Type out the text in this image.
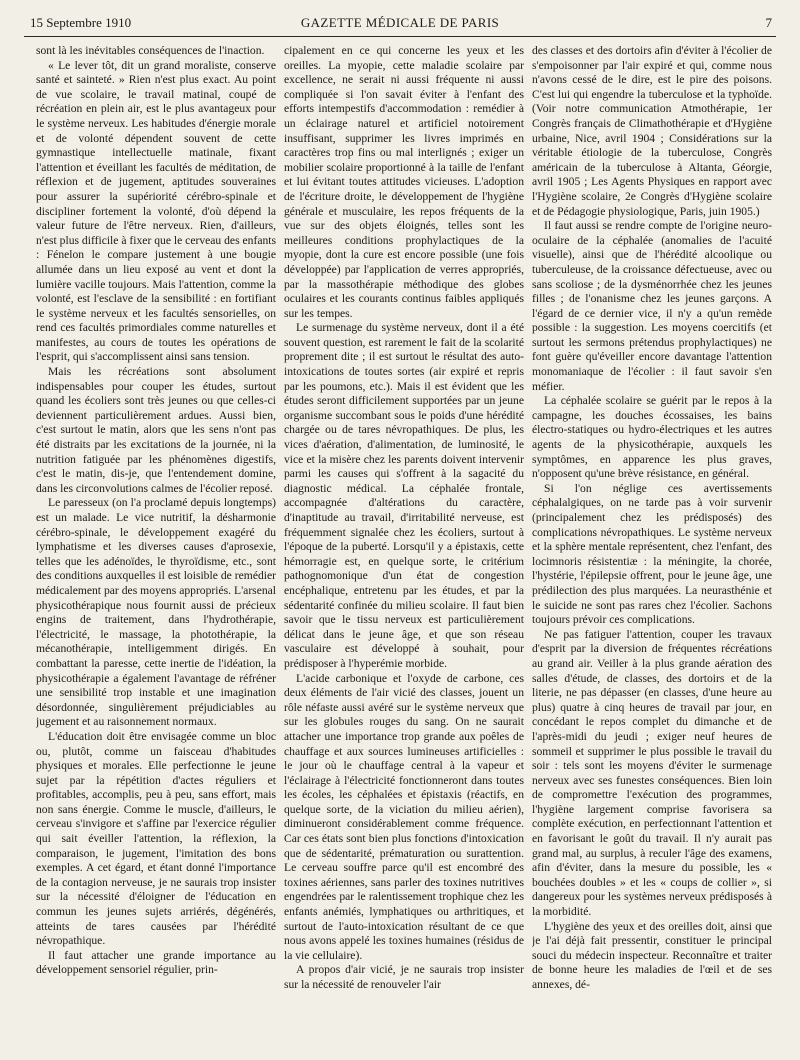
15 Septembre 1910	GAZETTE MÉDICALE DE PARIS	7

sont là les inévitables conséquences de l'inaction.

« Le lever tôt, dit un grand moraliste, conserve santé et sainteté. » Rien n'est plus exact. Au point de vue scolaire, le travail matinal, coupé de récréation en plein air, est le plus avantageux pour le système nerveux. Les habitudes d'énergie morale et de volonté dépendent souvent de cette gymnastique intellectuelle matinale, fixant l'attention et éveillant les facultés de méditation, de réflexion et de jugement, aptitudes souveraines pour assurer la supériorité cérébro-spinale et discipliner fortement la volonté, d'où dépend la valeur future de l'être nerveux. Rien, d'ailleurs, n'est plus difficile à fixer que le cerveau des enfants : Fénelon le compare justement à une bougie allumée dans un lieu exposé au vent et dont la lumière vacille toujours. Mais l'attention, comme la volonté, est l'esclave de la sensibilité : en fortifiant le système nerveux et les facultés sensorielles, on rend ces facultés primordiales comme naturelles et manifestes, au cours de toutes les opérations de l'esprit, qui s'accomplissent ainsi sans tension.

Mais les récréations sont absolument indispensables pour couper les études, surtout quand les écoliers sont très jeunes ou que celles-ci deviennent particulièrement ardues. Aussi bien, c'est surtout le matin, alors que les sens n'ont pas été distraits par les excitations de la journée, ni la nutrition fatiguée par les phénomènes digestifs, c'est le matin, dis-je, que l'entendement domine, dans les circonvolutions calmes de l'écolier reposé.

Le paresseux (on l'a proclamé depuis longtemps) est un malade. Le vice nutritif, la désharmonie cérébro-spinale, le développement exagéré du lymphatisme et les diverses causes d'aprosexie, telles que les adénoïdes, le thyroïdisme, etc., sont des conditions auxquelles il est loisible de remédier médicalement par des moyens appropriés. L'arsenal physicothérapique nous fournit aussi de précieux engins de traitement, dans l'hydrothérapie, l'électricité, le massage, la photothérapie, la mécanothérapie, intelligemment dirigés. En combattant la paresse, cette inertie de l'idéation, la physicothérapie a également l'avantage de réfréner une sensibilité trop instable et une imagination désordonnée, singulièrement préjudiciables au jugement et au raisonnement normaux.

L'éducation doit être envisagée comme un bloc ou, plutôt, comme un faisceau d'habitudes physiques et morales. Elle perfectionne le jeune sujet par la répétition d'actes réguliers et profitables, accomplis, peu à peu, sans effort, mais non sans énergie. Comme le muscle, d'ailleurs, le cerveau s'invigore et s'affine par l'exercice régulier qui sait éveiller l'attention, la réflexion, la comparaison, le jugement, l'imitation des bons exemples. A cet égard, et étant donné l'importance de la contagion nerveuse, je ne saurais trop insister sur la nécessité d'éloigner de l'éducation en commun les jeunes sujets arriérés, dégénérés, atteints de tares causées par l'hérédité névropathique.

Il faut attacher une grande importance au développement sensoriel régulier, prin-

cipalement en ce qui concerne les yeux et les oreilles. La myopie, cette maladie scolaire par excellence, ne serait ni aussi fréquente ni aussi compliquée si l'on savait éviter à l'enfant des efforts intempestifs d'accommodation : remédier à un éclairage naturel et artificiel notoirement insuffisant, supprimer les livres imprimés en caractères trop fins ou mal interlignés ; exiger un mobilier scolaire proportionné à la taille de l'enfant et lui évitant toutes attitudes vicieuses. L'adoption de l'écriture droite, le développement de l'hygiène générale et musculaire, les repos fréquents de la vue sur des objets éloignés, telles sont les meilleures conditions prophylactiques de la myopie, dont la cure est encore possible (une fois développée) par l'application de verres appropriés, par la massothérapie méthodique des globes oculaires et les courants continus faibles appliqués sur les tempes.

Le surmenage du système nerveux, dont il a été souvent question, est rarement le fait de la scolarité proprement dite ; il est surtout le résultat des auto-intoxications de toutes sortes (air expiré et repris par les poumons, etc.). Mais il est évident que les études seront difficilement supportées par un jeune organisme succombant sous le poids d'une hérédité chargée ou de tares névropathiques. De plus, les vices d'aération, d'alimentation, de luminosité, le vice et la misère chez les parents doivent intervenir parmi les causes qui s'offrent à la sagacité du diagnostic médical. La céphalée frontale, accompagnée d'altérations du caractère, d'inaptitude au travail, d'irritabilité nerveuse, est fréquemment signalée chez les écoliers, surtout à l'époque de la puberté. Lorsqu'il y a épistaxis, cette hémorragie est, en quelque sorte, le critérium pathognomonique d'un état de congestion encéphalique, entretenu par les études, et par la sédentarité confinée du milieu scolaire. Il faut bien savoir que le tissu nerveux est particulièrement délicat dans le jeune âge, et que son réseau vasculaire est développé à souhait, pour prédisposer à l'hyperémie morbide.

L'acide carbonique et l'oxyde de carbone, ces deux éléments de l'air vicié des classes, jouent un rôle néfaste aussi avéré sur le système nerveux que sur les globules rouges du sang. On ne saurait attacher une importance trop grande aux poêles de chauffage et aux sources lumineuses artificielles : le jour où le chauffage central à la vapeur et l'éclairage à l'électricité fonctionneront dans toutes les écoles, les céphalées et épistaxis (réactifs, en quelque sorte, de la viciation du milieu aérien), diminueront considérablement comme fréquence. Car ces états sont bien plus fonctions d'intoxication que de sédentarité, prématuration ou surattention. Le cerveau souffre parce qu'il est encombré des toxines aériennes, sans parler des toxines nutritives engendrées par le ralentissement trophique chez les enfants anémiés, lymphatiques ou arthritiques, et surtout de l'auto-intoxication résultant de ce que nous avons appelé les toxines humaines (résidus de la vie cellulaire).

A propos d'air vicié, je ne saurais trop insister sur la nécessité de renouveler l'air

des classes et des dortoirs afin d'éviter à l'écolier de s'empoisonner par l'air expiré et qui, comme nous n'avons cessé de le dire, est le pire des poisons. C'est lui qui engendre la tuberculose et la typhoïde. (Voir notre communication Atmothérapie, 1er Congrès français de Climathothérapie et d'Hygiène urbaine, Nice, avril 1904 ; Considérations sur la véritable étiologie de la tuberculose, Congrès américain de la tuberculose à Altanta, Géorgie, avril 1905 ; Les Agents Physiques en rapport avec l'Hygiène scolaire, 2e Congrès d'Hygiène scolaire et de Pédagogie physiologique, Paris, juin 1905.)

Il faut aussi se rendre compte de l'origine neuro-oculaire de la céphalée (anomalies de l'acuité visuelle), ainsi que de l'hérédité alcoolique ou tuberculeuse, de la croissance défectueuse, avec ou sans scoliose ; de la dysménorrhée chez les jeunes filles ; de l'onanisme chez les jeunes garçons. A l'égard de ce dernier vice, il n'y a qu'un remède possible : la suggestion. Les moyens coercitifs (et surtout les sermons prétendus prophylactiques) ne font guère qu'éveiller encore davantage l'attention monomaniaque de l'écolier : il faut savoir s'en méfier.

La céphalée scolaire se guérit par le repos à la campagne, les douches écossaises, les bains électro-statiques ou hydro-électriques et les autres agents de la physicothérapie, auxquels les symptômes, en apparence les plus graves, n'opposent qu'une brève résistance, en général.

Si l'on néglige ces avertissements céphalalgiques, on ne tarde pas à voir survenir (principalement chez les prédisposés) des complications névropathiques. Le système nerveux et la sphère mentale représentent, chez l'enfant, des locimnoris résistentiæ : la méningite, la chorée, l'hystérie, l'épilepsie offrent, pour le jeune âge, une prédilection des plus marquées. La neurasthénie et le suicide ne sont pas rares chez l'écolier. Sachons toujours prévoir ces complications.

Ne pas fatiguer l'attention, couper les travaux d'esprit par la diversion de fréquentes récréations au grand air. Veiller à la plus grande aération des salles d'étude, de classes, des dortoirs et de la literie, ne pas dépasser (en classes, d'une heure au plus) quatre à cinq heures de travail par jour, en concédant le repos complet du dimanche et de l'après-midi du jeudi ; exiger neuf heures de sommeil et supprimer le plus possible le travail du soir : tels sont les moyens d'éviter le surmenage nerveux avec ses funestes conséquences. Bien loin de compromettre l'exécution des programmes, l'hygiène largement comprise favorisera sa complète exécution, en perfectionnant l'attention et en favorisant le goût du travail. Il n'y aurait pas grand mal, au surplus, à reculer l'âge des examens, afin d'éviter, dans la mesure du possible, les « bouchées doubles » et les « coups de collier », si dangereux pour les systèmes nerveux prédisposés à la morbidité.

L'hygiène des yeux et des oreilles doit, ainsi que je l'ai déjà fait pressentir, constituer le principal souci du médecin inspecteur. Reconnaître et traiter de bonne heure les maladies de l'œil et de ses annexes, dé-
